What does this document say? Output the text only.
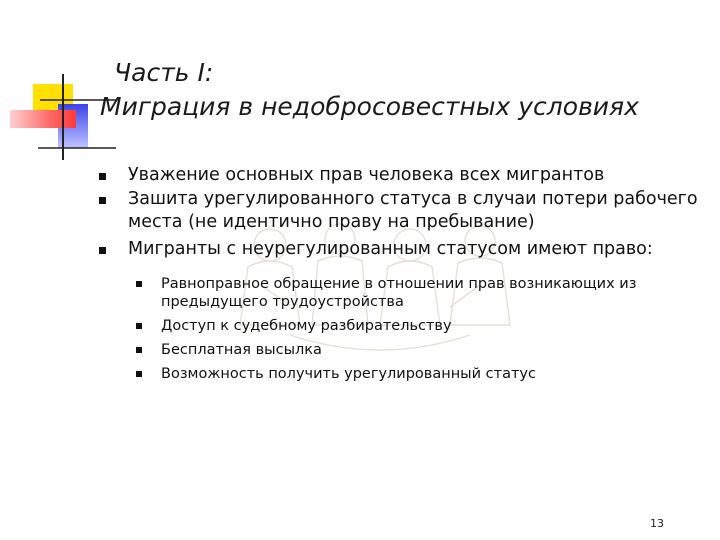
Часть I:
Миграция в недобросовестных условиях
Уважение основных прав человека всех мигрантов
Зашита урегулированного статуса в случаи потери рабочего места (не идентично праву на пребывание)
Мигранты с неурегулированным статусом имеют право:
Равноправное обращение в отношении прав возникающих из предыдущего трудоустройства
Доступ к судебному разбирательству
Бесплатная высылка
Возможность получить урегулированный статус
13
